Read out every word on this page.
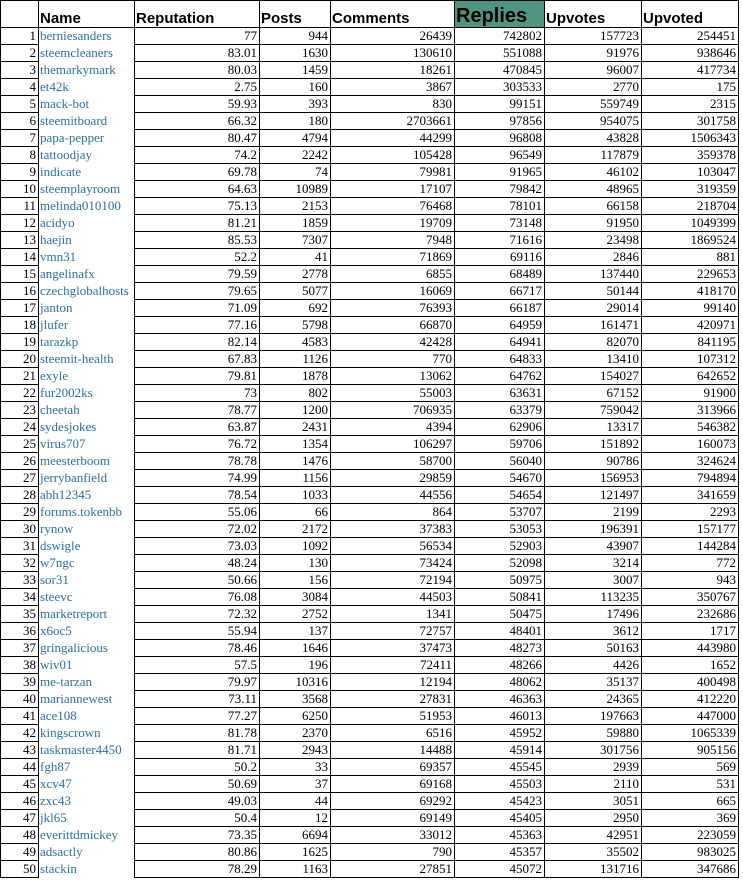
	Name	Reputation	Posts	Comments	Replies	Upvotes	Upvoted
1	berniesanders	77	944	26439	742802	157723	254451
2	steemcleaners	83.01	1630	130610	551088	91976	938646
3	themarkymark	80.03	1459	18261	470845	96007	417734
4	et42k	2.75	160	3867	303533	2770	175
5	mack-bot	59.93	393	830	99151	559749	2315
6	steemitboard	66.32	180	2703661	97856	954075	301758
7	papa-pepper	80.47	4794	44299	96808	43828	1506343
8	tattoodjay	74.2	2242	105428	96549	117879	359378
9	indicate	69.78	74	79981	91965	46102	103047
10	steemplayroom	64.63	10989	17107	79842	48965	319359
11	melinda010100	75.13	2153	76468	78101	66158	218704
12	acidyo	81.21	1859	19709	73148	91950	1049399
13	haejin	85.53	7307	7948	71616	23498	1869524
14	vmn31	52.2	41	71869	69116	2846	881
15	angelinafx	79.59	2778	6855	68489	137440	229653
16	czechglobalhosts	79.65	5077	16069	66717	50144	418170
17	janton	71.09	692	76393	66187	29014	99140
18	jlufer	77.16	5798	66870	64959	161471	420971
19	tarazkp	82.14	4583	42428	64941	82070	841195
20	steemit-health	67.83	1126	770	64833	13410	107312
21	exyle	79.81	1878	13062	64762	154027	642652
22	fur2002ks	73	802	55003	63631	67152	91900
23	cheetah	78.77	1200	706935	63379	759042	313966
24	sydesjokes	63.87	2431	4394	62906	13317	546382
25	virus707	76.72	1354	106297	59706	151892	160073
26	meesterboom	78.78	1476	58700	56040	90786	324624
27	jerrybanfield	74.99	1156	29859	54670	156953	794894
28	abh12345	78.54	1033	44556	54654	121497	341659
29	forums.tokenbb	55.06	66	864	53707	2199	2293
30	rynow	72.02	2172	37383	53053	196391	157177
31	dswigle	73.03	1092	56534	52903	43907	144284
32	w7ngc	48.24	130	73424	52098	3214	772
33	sor31	50.66	156	72194	50975	3007	943
34	steevc	76.08	3084	44503	50841	113235	350767
35	marketreport	72.32	2752	1341	50475	17496	232686
36	x6oc5	55.94	137	72757	48401	3612	1717
37	gringalicious	78.46	1646	37473	48273	50163	443980
38	wiv01	57.5	196	72411	48266	4426	1652
39	me-tarzan	79.97	10316	12194	48062	35137	400498
40	mariannewest	73.11	3568	27831	46363	24365	412220
41	ace108	77.27	6250	51953	46013	197663	447000
42	kingscrown	81.78	2370	6516	45952	59880	1065339
43	taskmaster4450	81.71	2943	14488	45914	301756	905156
44	fgh87	50.2	33	69357	45545	2939	569
45	xcv47	50.69	37	69168	45503	2110	531
46	zxc43	49.03	44	69292	45423	3051	665
47	jkl65	50.4	12	69149	45405	2950	369
48	everittdmickey	73.35	6694	33012	45363	42951	223059
49	adsactly	80.86	1625	790	45357	35502	983025
50	stackin	78.29	1163	27851	45072	131716	347686
